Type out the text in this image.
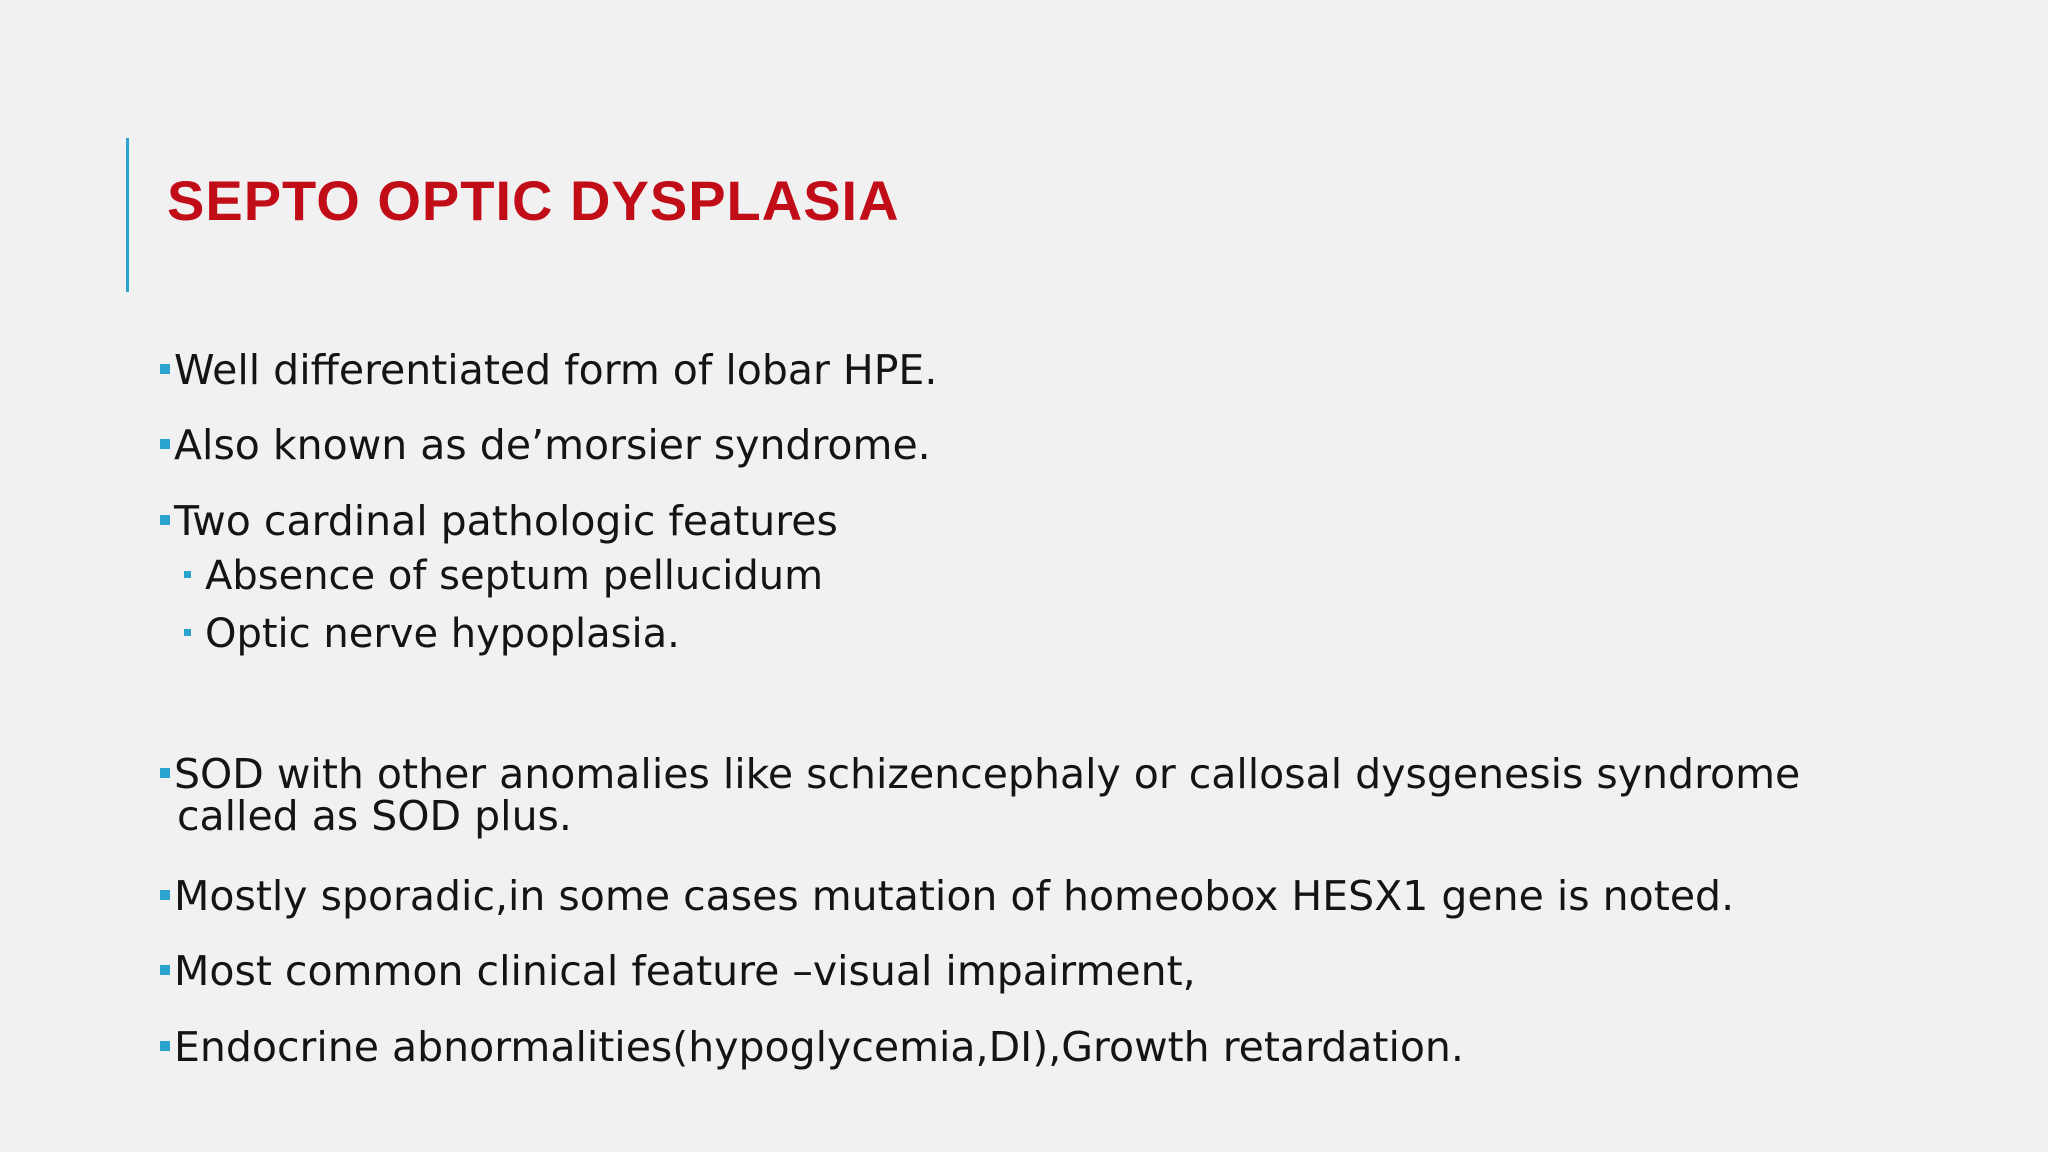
SEPTO OPTIC DYSPLASIA
Well differentiated form of lobar HPE.
Also known as de’morsier syndrome.
Two cardinal pathologic features
Absence of septum pellucidum
Optic nerve hypoplasia.
SOD with other anomalies like schizencephaly or callosal dysgenesis syndrome
called as SOD plus.
Mostly sporadic,in some cases mutation of homeobox HESX1 gene is noted.
Most common clinical feature –visual impairment,
Endocrine abnormalities(hypoglycemia,DI),Growth retardation.
